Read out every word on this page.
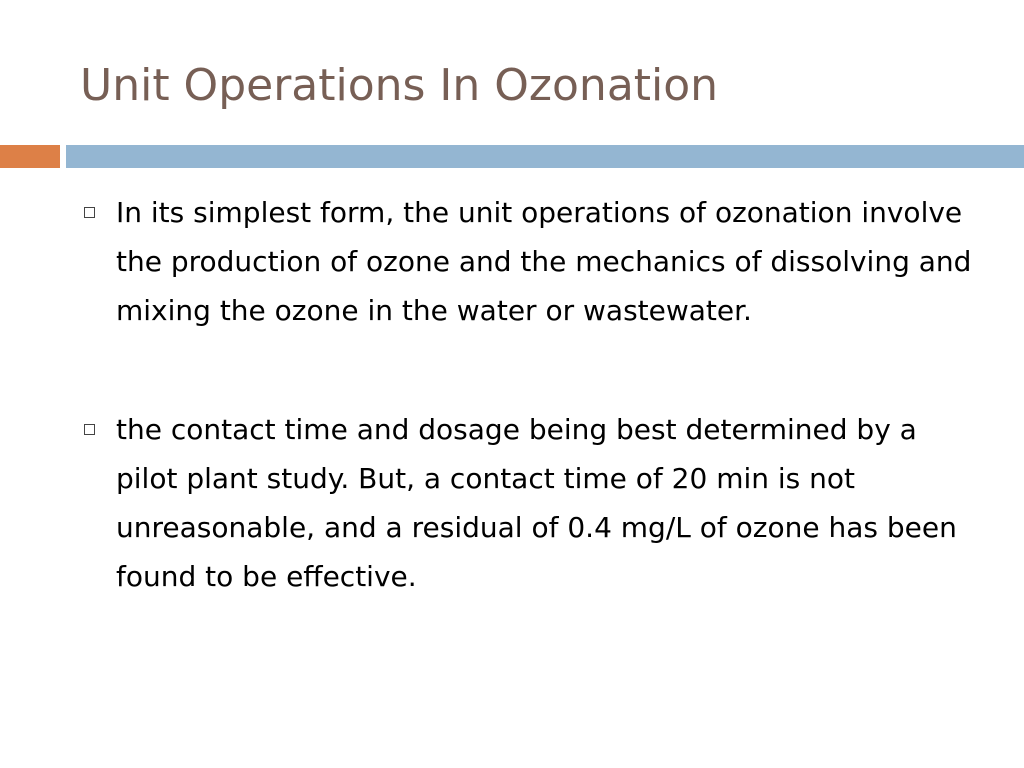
Unit Operations In Ozonation
In its simplest form, the unit operations of ozonation involve the production of ozone and the mechanics of dissolving and mixing the ozone in the water or wastewater.
the contact time and dosage being best determined by a pilot plant study. But, a contact time of 20 min is not unreasonable, and a residual of 0.4 mg/L of ozone has been found to be effective.
